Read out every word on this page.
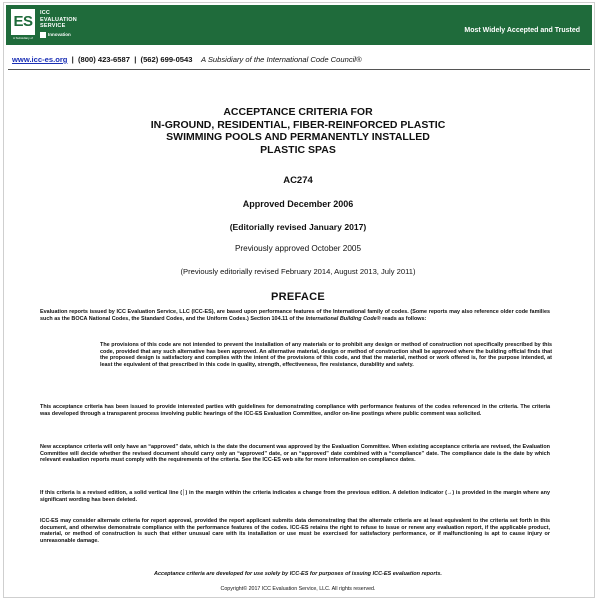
ES
A Subsidiary of
ICC
EVALUATION
SERVICE
Innovation
Most Widely Accepted and Trusted
www.icc-es.org | (800) 423-6587 | (562) 699-0543 A Subsidiary of the International Code Council®
ACCEPTANCE CRITERIA FOR
IN-GROUND, RESIDENTIAL, FIBER-REINFORCED PLASTIC
SWIMMING POOLS AND PERMANENTLY INSTALLED
PLASTIC SPAS
AC274
Approved December 2006
(Editorially revised January 2017)
Previously approved October 2005
(Previously editorially revised February 2014, August 2013, July 2011)
PREFACE

Evaluation reports issued by ICC Evaluation Service, LLC (ICC-ES), are based upon performance features of the International family of codes. (Some reports may also reference older code families such as the BOCA National Codes, the Standard Codes, and the Uniform Codes.) Section 104.11 of the International Building Code® reads as follows:

The provisions of this code are not intended to prevent the installation of any materials or to prohibit any design or method of construction not specifically prescribed by this code, provided that any such alternative has been approved. An alternative material, design or method of construction shall be approved where the building official finds that the proposed design is satisfactory and complies with the intent of the provisions of this code, and that the material, method or work offered is, for the purpose intended, at least the equivalent of that prescribed in this code in quality, strength, effectiveness, fire resistance, durability and safety.

This acceptance criteria has been issued to provide interested parties with guidelines for demonstrating compliance with performance features of the codes referenced in the criteria. The criteria was developed through a transparent process involving public hearings of the ICC-ES Evaluation Committee, and/or on-line postings where public comment was solicited.

New acceptance criteria will only have an “approved” date, which is the date the document was approved by the Evaluation Committee. When existing acceptance criteria are revised, the Evaluation Committee will decide whether the revised document should carry only an “approved” date, or an “approved” date combined with a “compliance” date. The compliance date is the date by which relevant evaluation reports must comply with the requirements of the criteria. See the ICC-ES web site for more information on compliance dates.

If this criteria is a revised edition, a solid vertical line (│) in the margin within the criteria indicates a change from the previous edition. A deletion indicator (→) is provided in the margin where any significant wording has been deleted.

ICC-ES may consider alternate criteria for report approval, provided the report applicant submits data demonstrating that the alternate criteria are at least equivalent to the criteria set forth in this document, and otherwise demonstrate compliance with the performance features of the codes. ICC-ES retains the right to refuse to issue or renew any evaluation report, if the applicable product, material, or method of construction is such that either unusual care with its installation or use must be exercised for satisfactory performance, or if malfunctioning is apt to cause injury or unreasonable damage.

Acceptance criteria are developed for use solely by ICC-ES for purposes of issuing ICC-ES evaluation reports.
Copyright© 2017 ICC Evaluation Service, LLC. All rights reserved.
